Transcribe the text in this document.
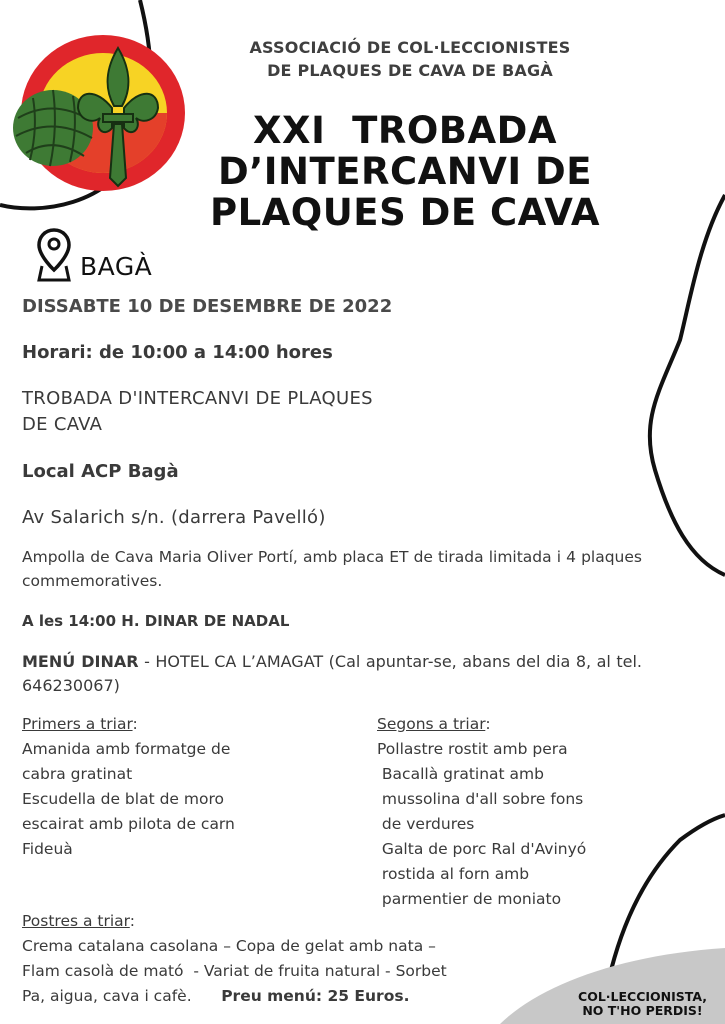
ASSOCIACIÓ DE COL·LECCIONISTES
DE PLAQUES DE CAVA DE BAGÀ
XXI  TROBADA
D’INTERCANVI DE
PLAQUES DE CAVA
BAGÀ
DISSABTE 10 DE DESEMBRE DE 2022
Horari: de 10:00 a 14:00 hores
TROBADA D'INTERCANVI DE PLAQUES
DE CAVA
Local ACP Bagà
Av Salarich s/n. (darrera Pavelló)
Ampolla de Cava Maria Oliver Portí, amb placa ET de tirada limitada i 4 plaques commemoratives.
A les 14:00 H. DINAR DE NADAL
MENÚ DINAR - HOTEL CA L’AMAGAT (Cal apuntar-se, abans del dia 8, al tel. 646230067)
Primers a triar:
Amanida amb formatge de
cabra gratinat
Escudella de blat de moro
escairat amb pilota de carn
Fideuà
Segons a triar:
Pollastre rostit amb pera
Bacallà gratinat amb
mussolina d'all sobre fons
de verdures
Galta de porc Ral d'Avinyó
rostida al forn amb
parmentier de moniato
Postres a triar:
Crema catalana casolana – Copa de gelat amb nata –
Flam casolà de mató  - Variat de fruita natural - Sorbet
Pa, aigua, cava i cafè.      Preu menú: 25 Euros.	COL·LECCIONISTA,
NO T'HO PERDIS!
